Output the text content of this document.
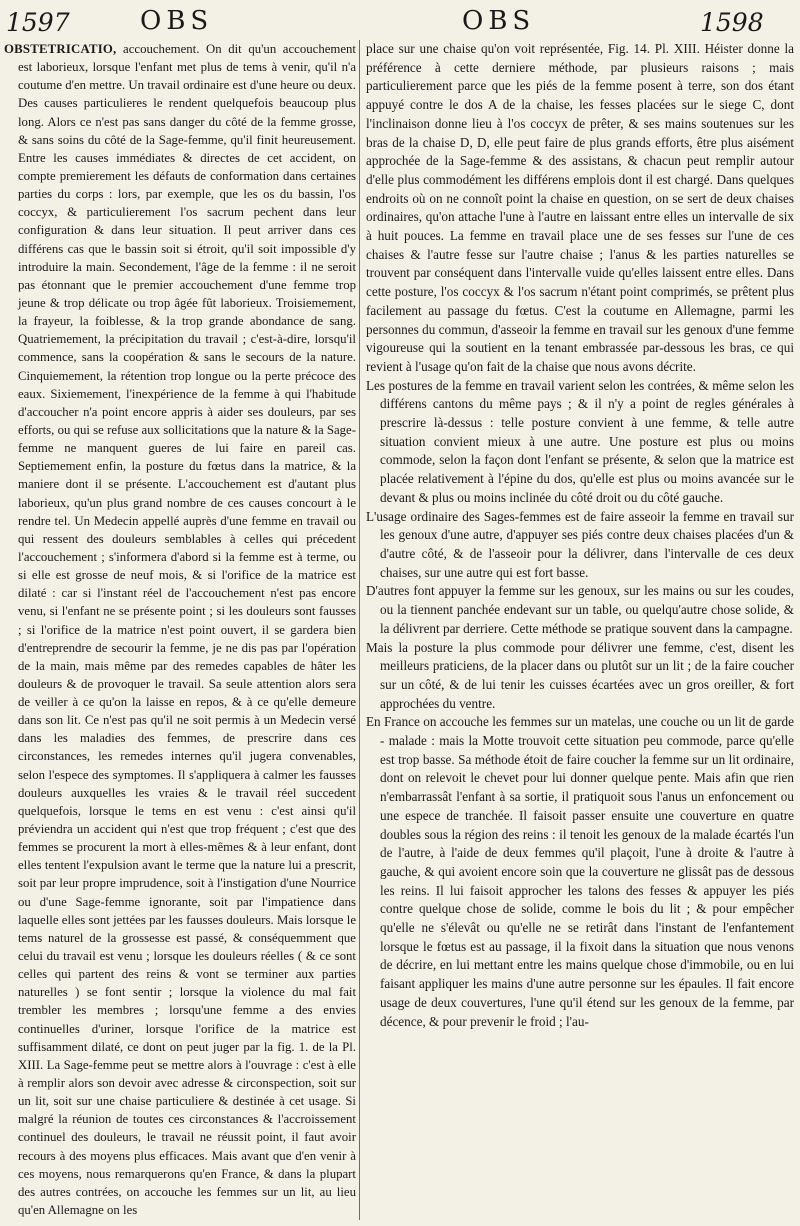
1597	OBS	OBS	1598

OBSTETRICATIO, accouchement. On dit qu'un accouchement est laborieux, lorsque l'enfant met plus de tems à venir, qu'il n'a coutume d'en mettre. Un travail ordinaire est d'une heure ou deux. Des causes particulieres le rendent quelquefois beaucoup plus long. Alors ce n'est pas sans danger du côté de la femme grosse, & sans soins du côté de la Sage-femme, qu'il finit heureusement. Entre les causes immédiates & directes de cet accident, on compte premierement les défauts de conformation dans certaines parties du corps : lors, par exemple, que les os du bassin, l'os coccyx, & particulierement l'os sacrum pechent dans leur configuration & dans leur situation. Il peut arriver dans ces différens cas que le bassin soit si étroit, qu'il soit impossible d'y introduire la main. Secondement, l'âge de la femme : il ne seroit pas étonnant que le premier accouchement d'une femme trop jeune & trop délicate ou trop âgée fût laborieux. Troisiemement, la frayeur, la foiblesse, & la trop grande abondance de sang. Quatriemement, la précipitation du travail ; c'est-à-dire, lorsqu'il commence, sans la coopération & sans le secours de la nature. Cinquiemement, la rétention trop longue ou la perte précoce des eaux. Sixiemement, l'inexpérience de la femme à qui l'habitude d'accoucher n'a point encore appris à aider ses douleurs, par ses efforts, ou qui se refuse aux sollicitations que la nature & la Sage-femme ne manquent gueres de lui faire en pareil cas. Septiemement enfin, la posture du fœtus dans la matrice, & la maniere dont il se présente. L'accouchement est d'autant plus laborieux, qu'un plus grand nombre de ces causes concourt à le rendre tel. Un Medecin appellé auprès d'une femme en travail ou qui ressent des douleurs semblables à celles qui précedent l'accouchement ; s'informera d'abord si la femme est à terme, ou si elle est grosse de neuf mois, & si l'orifice de la matrice est dilaté : car si l'instant réel de l'accouchement n'est pas encore venu, si l'enfant ne se présente point ; si les douleurs sont fausses ; si l'orifice de la matrice n'est point ouvert, il se gardera bien d'entreprendre de secourir la femme, je ne dis pas par l'opération de la main, mais même par des remedes capables de hâter les douleurs & de provoquer le travail. Sa seule attention alors sera de veiller à ce qu'on la laisse en repos, & à ce qu'elle demeure dans son lit. Ce n'est pas qu'il ne soit permis à un Medecin versé dans les maladies des femmes, de prescrire dans ces circonstances, les remedes internes qu'il jugera convenables, selon l'espece des symptomes. Il s'appliquera à calmer les fausses douleurs auxquelles les vraies & le travail réel succedent quelquefois, lorsque le tems en est venu : c'est ainsi qu'il préviendra un accident qui n'est que trop fréquent ; c'est que des femmes se procurent la mort à elles-mêmes & à leur enfant, dont elles tentent l'expulsion avant le terme que la nature lui a prescrit, soit par leur propre imprudence, soit à l'instigation d'une Nourrice ou d'une Sage-femme ignorante, soit par l'impatience dans laquelle elles sont jettées par les fausses douleurs. Mais lorsque le tems naturel de la grossesse est passé, & conséquemment que celui du travail est venu ; lorsque les douleurs réelles ( & ce sont celles qui partent des reins & vont se terminer aux parties naturelles ) se font sentir ; lorsque la violence du mal fait trembler les membres ; lorsqu'une femme a des envies continuelles d'uriner, lorsque l'orifice de la matrice est suffisamment dilaté, ce dont on peut juger par la fig. 1. de la Pl. XIII. La Sage-femme peut se mettre alors à l'ouvrage : c'est à elle à remplir alors son devoir avec adresse & circonspection, soit sur un lit, soit sur une chaise particuliere & destinée à cet usage. Si malgré la réunion de toutes ces circonstances & l'accroissement continuel des douleurs, le travail ne réussit point, il faut avoir recours à des moyens plus efficaces. Mais avant que d'en venir à ces moyens, nous remarquerons qu'en France, & dans la plupart des autres contrées, on accouche les femmes sur un lit, au lieu qu'en Allemagne on les

place sur une chaise qu'on voit représentée, Fig. 14. Pl. XIII. Héister donne la préférence à cette derniere méthode, par plusieurs raisons ; mais particulierement parce que les piés de la femme posent à terre, son dos étant appuyé contre le dos A de la chaise, les fesses placées sur le siege C, dont l'inclinaison donne lieu à l'os coccyx de prêter, & ses mains soutenues sur les bras de la chaise D, D, elle peut faire de plus grands efforts, être plus aisément approchée de la Sage-femme & des assistans, & chacun peut remplir autour d'elle plus commodément les différens emplois dont il est chargé. Dans quelques endroits où on ne connoît point la chaise en question, on se sert de deux chaises ordinaires, qu'on attache l'une à l'autre en laissant entre elles un intervalle de six à huit pouces. La femme en travail place une de ses fesses sur l'une de ces chaises & l'autre fesse sur l'autre chaise ; l'anus & les parties naturelles se trouvent par conséquent dans l'intervalle vuide qu'elles laissent entre elles. Dans cette posture, l'os coccyx & l'os sacrum n'étant point comprimés, se prêtent plus facilement au passage du fœtus. C'est la coutume en Allemagne, parmi les personnes du commun, d'asseoir la femme en travail sur les genoux d'une femme vigoureuse qui la soutient en la tenant embrassée par-dessous les bras, ce qui revient à l'usage qu'on fait de la chaise que nous avons décrite.

Les postures de la femme en travail varient selon les contrées, & même selon les différens cantons du même pays ; & il n'y a point de regles générales à prescrire là-dessus : telle posture convient à une femme, & telle autre situation convient mieux à une autre. Une posture est plus ou moins commode, selon la façon dont l'enfant se présente, & selon que la matrice est placée relativement à l'épine du dos, qu'elle est plus ou moins avancée sur le devant & plus ou moins inclinée du côté droit ou du côté gauche.

L'usage ordinaire des Sages-femmes est de faire asseoir la femme en travail sur les genoux d'une autre, d'appuyer ses piés contre deux chaises placées d'un & d'autre côté, & de l'asseoir pour la délivrer, dans l'intervalle de ces deux chaises, sur une autre qui est fort basse.

D'autres font appuyer la femme sur les genoux, sur les mains ou sur les coudes, ou la tiennent panchée endevant sur un table, ou quelqu'autre chose solide, & la délivrent par derriere. Cette méthode se pratique souvent dans la campagne.

Mais la posture la plus commode pour délivrer une femme, c'est, disent les meilleurs praticiens, de la placer dans ou plutôt sur un lit ; de la faire coucher sur un côté, & de lui tenir les cuisses écartées avec un gros oreiller, & fort approchées du ventre.

En France on accouche les femmes sur un matelas, une couche ou un lit de garde - malade : mais la Motte trouvoit cette situation peu commode, parce qu'elle est trop basse. Sa méthode étoit de faire coucher la femme sur un lit ordinaire, dont on relevoit le chevet pour lui donner quelque pente. Mais afin que rien n'embarrassât l'enfant à sa sortie, il pratiquoit sous l'anus un enfoncement ou une espece de tranchée. Il faisoit passer ensuite une couverture en quatre doubles sous la région des reins : il tenoit les genoux de la malade écartés l'un de l'autre, à l'aide de deux femmes qu'il plaçoit, l'une à droite & l'autre à gauche, & qui avoient encore soin que la couverture ne glissât pas de dessous les reins. Il lui faisoit approcher les talons des fesses & appuyer les piés contre quelque chose de solide, comme le bois du lit ; & pour empêcher qu'elle ne s'élevât ou qu'elle ne se retirât dans l'instant de l'enfantement lorsque le fœtus est au passage, il la fixoit dans la situation que nous venons de décrire, en lui mettant entre les mains quelque chose d'immobile, ou en lui faisant appliquer les mains d'une autre personne sur les épaules. Il fait encore usage de deux couvertures, l'une qu'il étend sur les genoux de la femme, par décence, & pour prevenir le froid ; l'au-
